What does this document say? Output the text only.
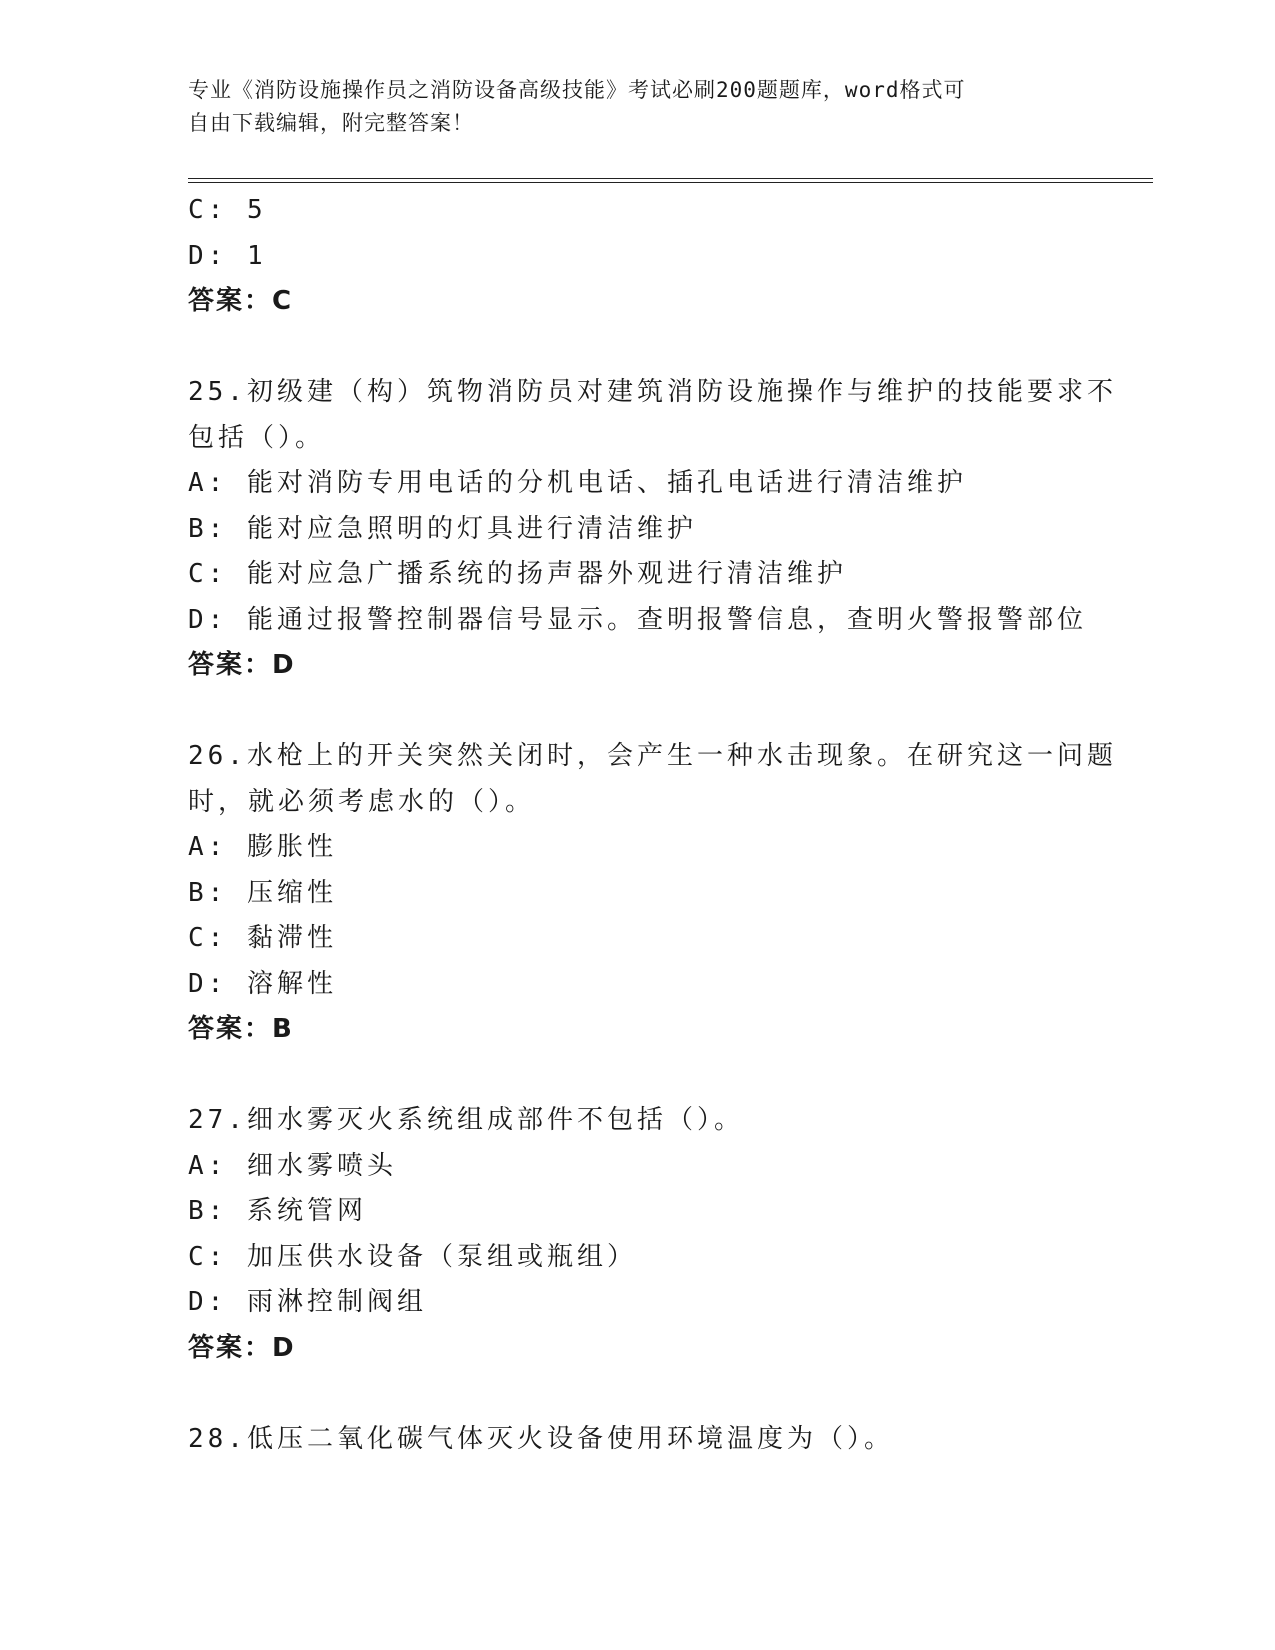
专业《消防设施操作员之消防设备高级技能》考试必刷200题题库，word格式可
自由下载编辑，附完整答案！
C: 5
D: 1
答案：C
25.初级建（构）筑物消防员对建筑消防设施操作与维护的技能要求不
包括（）。
A: 能对消防专用电话的分机电话、插孔电话进行清洁维护
B: 能对应急照明的灯具进行清洁维护
C: 能对应急广播系统的扬声器外观进行清洁维护
D: 能通过报警控制器信号显示。查明报警信息，查明火警报警部位
答案：D
26.水枪上的开关突然关闭时，会产生一种水击现象。在研究这一问题
时，就必须考虑水的（）。
A: 膨胀性
B: 压缩性
C: 黏滞性
D: 溶解性
答案：B
27.细水雾灭火系统组成部件不包括（）。
A: 细水雾喷头
B: 系统管网
C: 加压供水设备（泵组或瓶组）
D: 雨淋控制阀组
答案：D
28.低压二氧化碳气体灭火设备使用环境温度为（）。
